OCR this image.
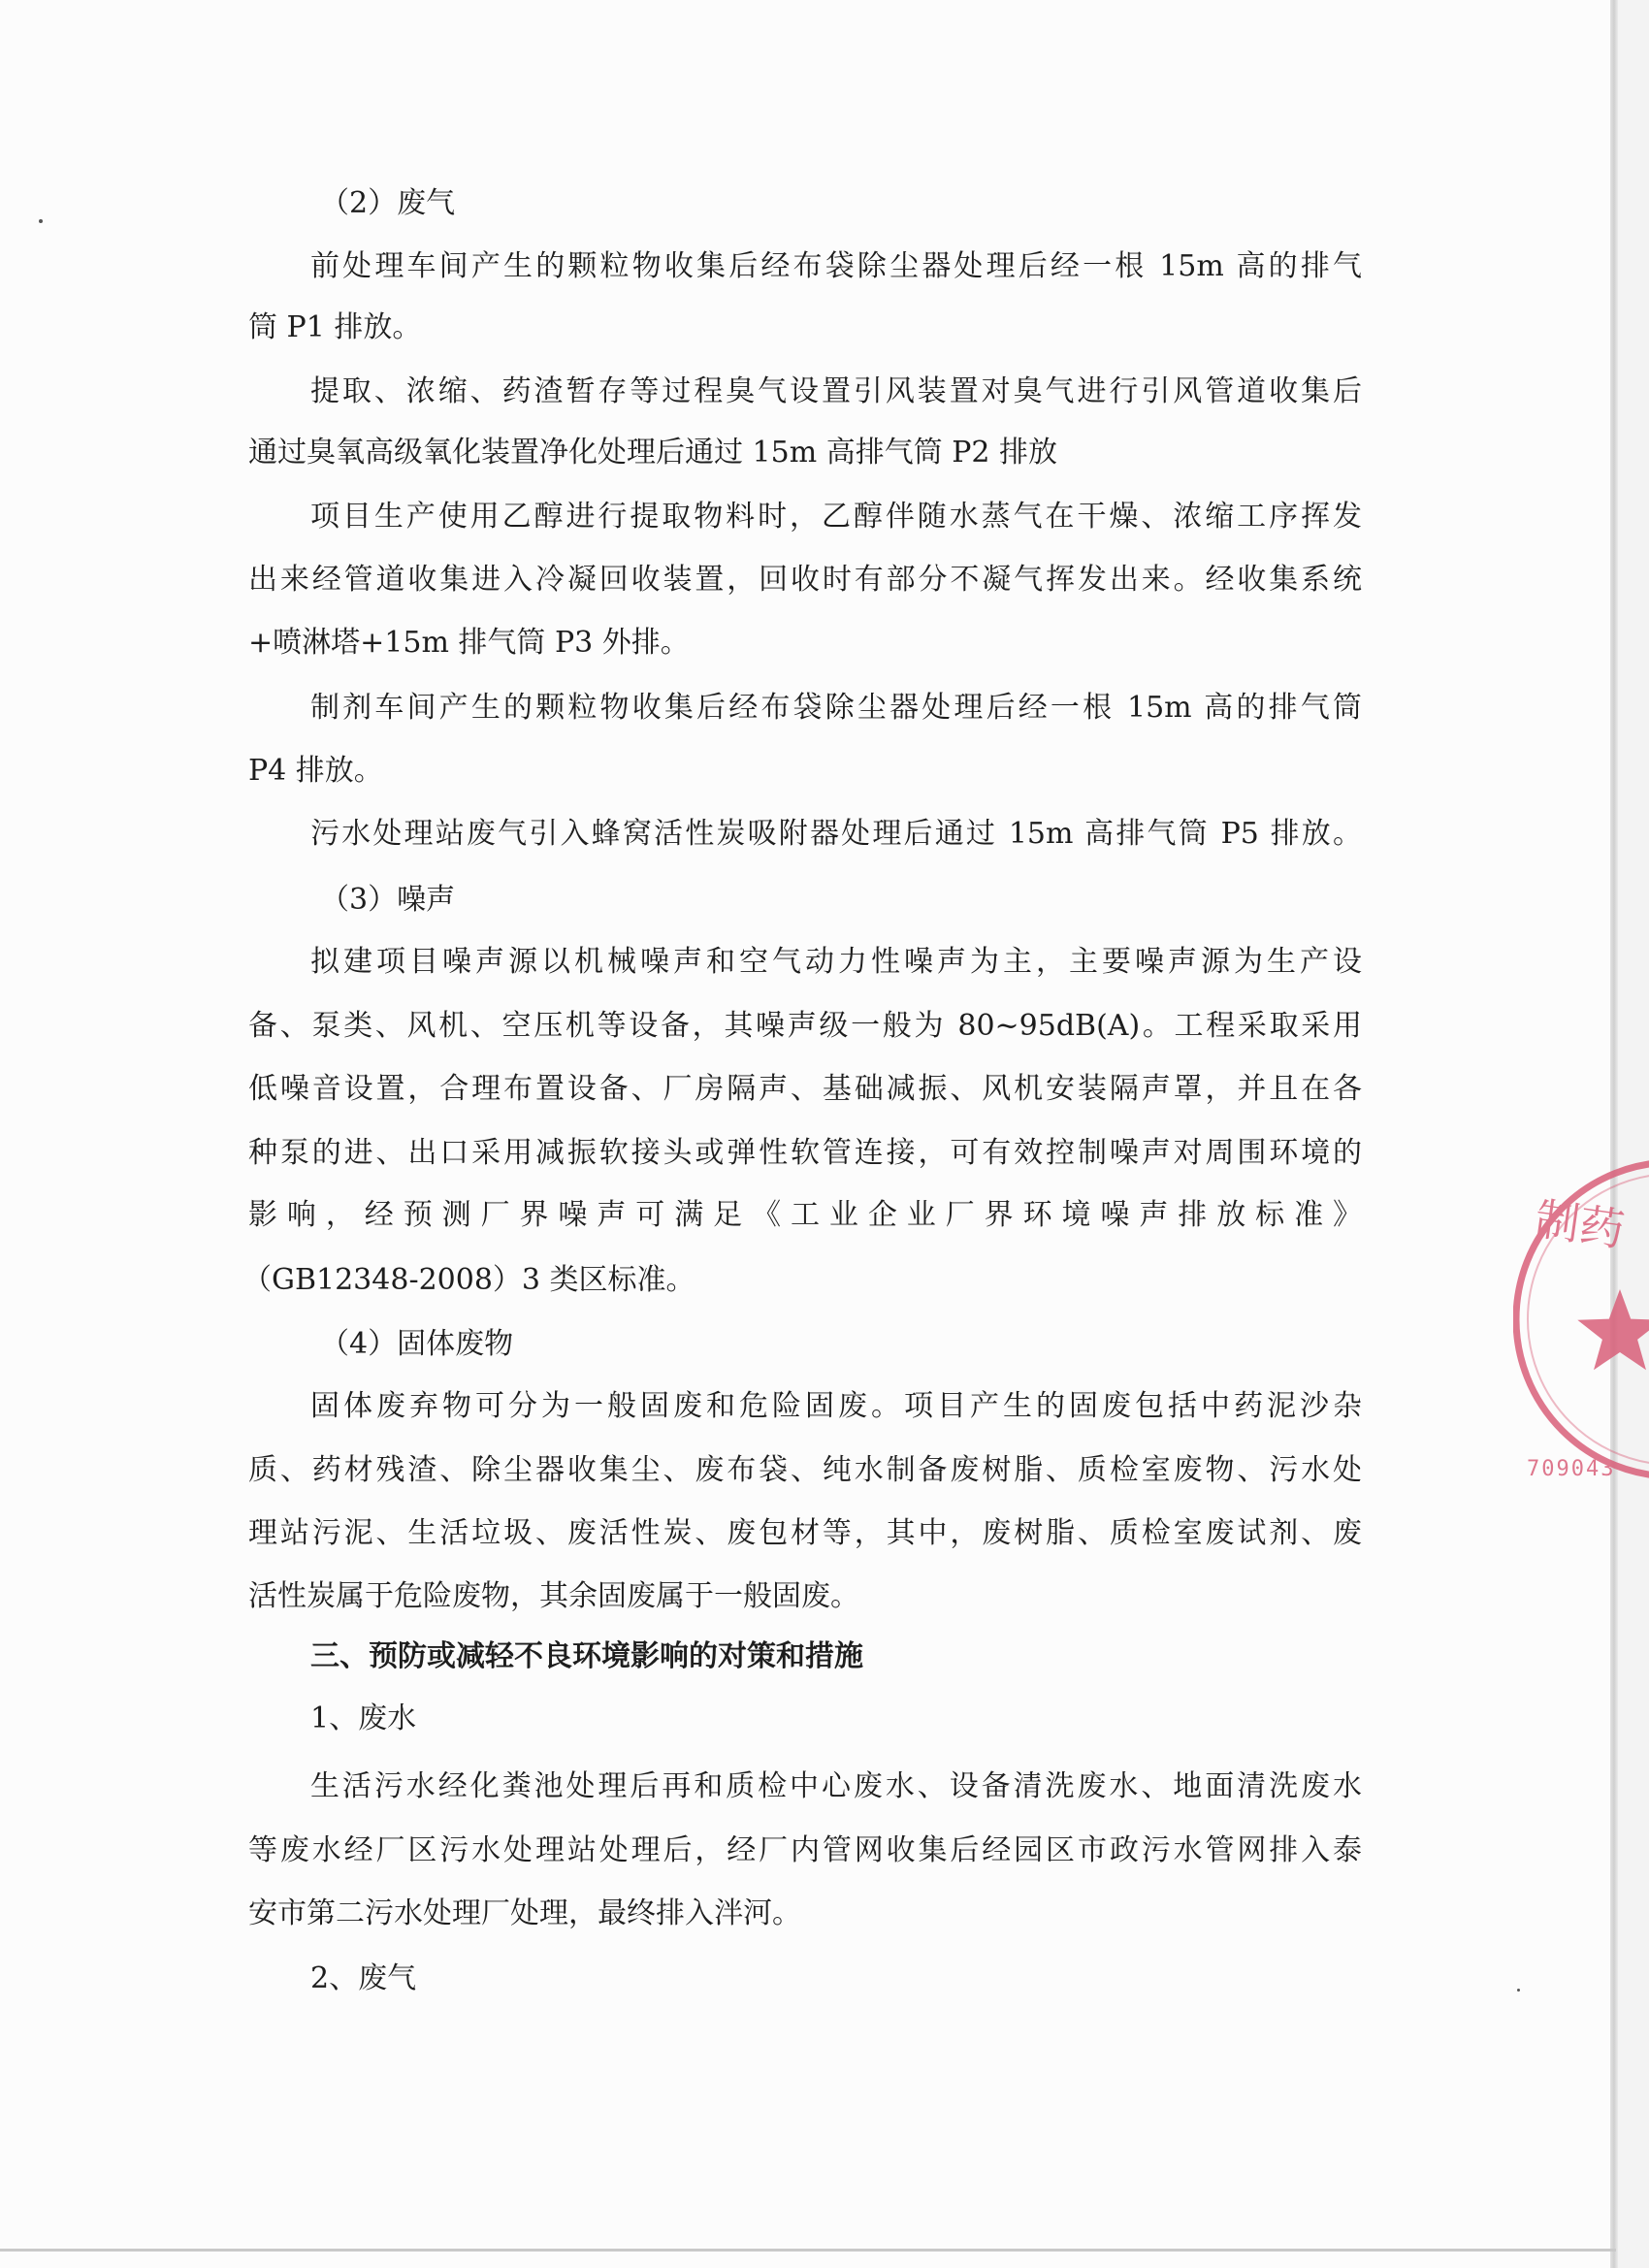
（2）废气
前处理车间产生的颗粒物收集后经布袋除尘器处理后经一根 15m 高的排气
筒 P1 排放。
提取、浓缩、药渣暂存等过程臭气设置引风装置对臭气进行引风管道收集后
通过臭氧高级氧化装置净化处理后通过 15m 高排气筒 P2 排放
项目生产使用乙醇进行提取物料时，乙醇伴随水蒸气在干燥、浓缩工序挥发
出来经管道收集进入冷凝回收装置，回收时有部分不凝气挥发出来。经收集系统
+喷淋塔+15m 排气筒 P3 外排。
制剂车间产生的颗粒物收集后经布袋除尘器处理后经一根 15m 高的排气筒
P4 排放。
污水处理站废气引入蜂窝活性炭吸附器处理后通过 15m 高排气筒 P5 排放。
（3）噪声
拟建项目噪声源以机械噪声和空气动力性噪声为主，主要噪声源为生产设
备、泵类、风机、空压机等设备，其噪声级一般为 80~95dB(A)。工程采取采用
低噪音设置，合理布置设备、厂房隔声、基础减振、风机安装隔声罩，并且在各
种泵的进、出口采用减振软接头或弹性软管连接，可有效控制噪声对周围环境的
影响，经预测厂界噪声可满足《工业企业厂界环境噪声排放标准》
（GB12348-2008）3 类区标准。
（4）固体废物
固体废弃物可分为一般固废和危险固废。项目产生的固废包括中药泥沙杂
质、药材残渣、除尘器收集尘、废布袋、纯水制备废树脂、质检室废物、污水处
理站污泥、生活垃圾、废活性炭、废包材等，其中，废树脂、质检室废试剂、废
活性炭属于危险废物，其余固废属于一般固废。
三、预防或减轻不良环境影响的对策和措施
1、废水
生活污水经化粪池处理后再和质检中心废水、设备清洗废水、地面清洗废水
等废水经厂区污水处理站处理后，经厂内管网收集后经园区市政污水管网排入泰
安市第二污水处理厂处理，最终排入泮河。
2、废气
制药
709043
